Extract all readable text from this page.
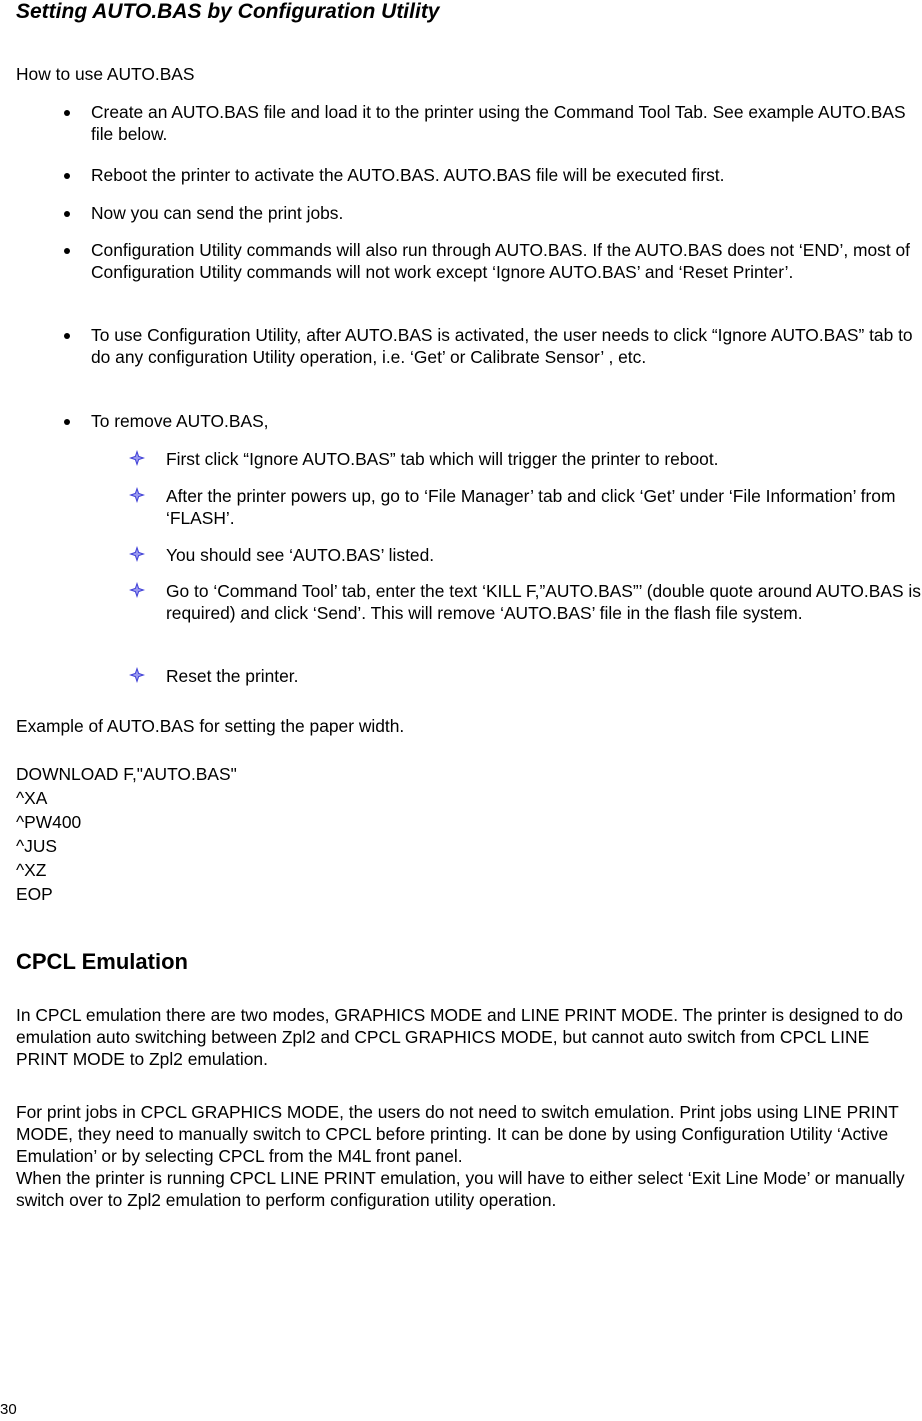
Setting AUTO.BAS by Configuration Utility

How to use AUTO.BAS

Create an AUTO.BAS file and load it to the printer using the Command Tool Tab. See example AUTO.BAS file below.
Reboot the printer to activate the AUTO.BAS. AUTO.BAS file will be executed first.
Now you can send the print jobs.
Configuration Utility commands will also run through AUTO.BAS. If the AUTO.BAS does not ‘END’, most of Configuration Utility commands will not work except ‘Ignore AUTO.BAS’ and ‘Reset Printer’.
To use Configuration Utility, after AUTO.BAS is activated, the user needs to click “Ignore AUTO.BAS” tab to do any configuration Utility operation, i.e. ‘Get’ or Calibrate Sensor’ , etc.
To remove AUTO.BAS,
First click “Ignore AUTO.BAS” tab which will trigger the printer to reboot.
After the printer powers up, go to ‘File Manager’ tab and click ‘Get’ under ‘File Information’ from ‘FLASH’.
You should see ‘AUTO.BAS’ listed.
Go to ‘Command Tool’ tab, enter the text ‘KILL F,”AUTO.BAS”’ (double quote around AUTO.BAS is required) and click ‘Send’. This will remove ‘AUTO.BAS’ file in the flash file system.
Reset the printer.

Example of AUTO.BAS for setting the paper width.

DOWNLOAD F,"AUTO.BAS"
^XA
^PW400
^JUS
^XZ
EOP
CPCL Emulation

In CPCL emulation there are two modes, GRAPHICS MODE and LINE PRINT MODE. The printer is designed to do emulation auto switching between Zpl2 and CPCL GRAPHICS MODE, but cannot auto switch from CPCL LINE PRINT MODE to Zpl2 emulation.

For print jobs in CPCL GRAPHICS MODE, the users do not need to switch emulation. Print jobs using LINE PRINT MODE, they need to manually switch to CPCL before printing. It can be done by using Configuration Utility ‘Active Emulation’ or by selecting CPCL from the M4L front panel.

When the printer is running CPCL LINE PRINT emulation, you will have to either select ‘Exit Line Mode’ or manually switch over to Zpl2 emulation to perform configuration utility operation.

30
